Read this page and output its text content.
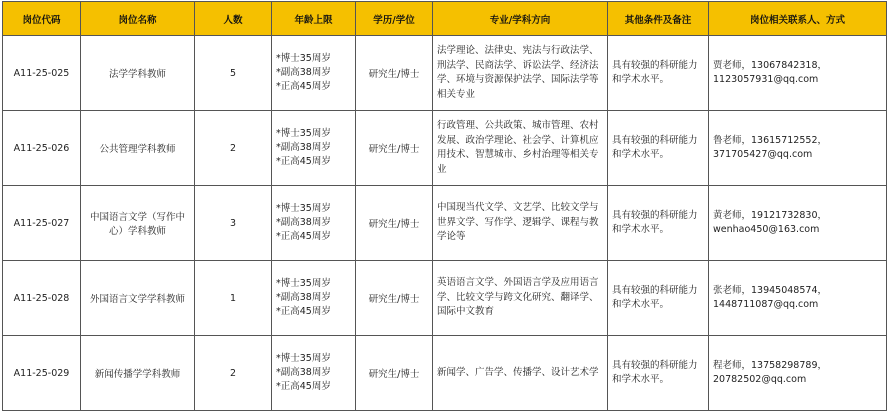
岗位代码	岗位名称	人数	年龄上限	学历/学位	专业/学科方向	其他条件及备注	岗位相关联系人、方式
A11-25-025	法学学科教师	5	*博士35周岁
*副高38周岁
*正高45周岁	研究生/博士	法学理论、法律史、宪法与行政法学、刑法学、民商法学、诉讼法学、经济法学、环境与资源保护法学、国际法学等相关专业	具有较强的科研能力和学术水平。	贾老师，13067842318，
1123057931@qq.com

A11-25-026	公共管理学科教师	2	*博士35周岁
*副高38周岁
*正高45周岁	研究生/博士	行政管理、公共政策、城市管理、农村发展、政治学理论、社会学、计算机应用技术、智慧城市、乡村治理等相关专业	具有较强的科研能力和学术水平。	鲁老师，13615712552，
371705427@qq.com

A11-25-027	中国语言文学（写作中心）学科教师	3	*博士35周岁
*副高38周岁
*正高45周岁	研究生/博士	中国现当代文学、文艺学、比较文学与世界文学、写作学、逻辑学、课程与教学论等	具有较强的科研能力和学术水平。	黄老师，19121732830，
wenhao450@163.com

A11-25-028	外国语言文学学科教师	1	*博士35周岁
*副高38周岁
*正高45周岁	研究生/博士	英语语言文学、外国语言学及应用语言学、比较文学与跨文化研究、翻译学、国际中文教育	具有较强的科研能力和学术水平。	张老师，13945048574，
1448711087@qq.com

A11-25-029	新闻传播学学科教师	2	*博士35周岁
*副高38周岁
*正高45周岁	研究生/博士	新闻学、广告学、传播学、设计艺术学	具有较强的科研能力和学术水平。	程老师，13758298789，
20782502@qq.com
